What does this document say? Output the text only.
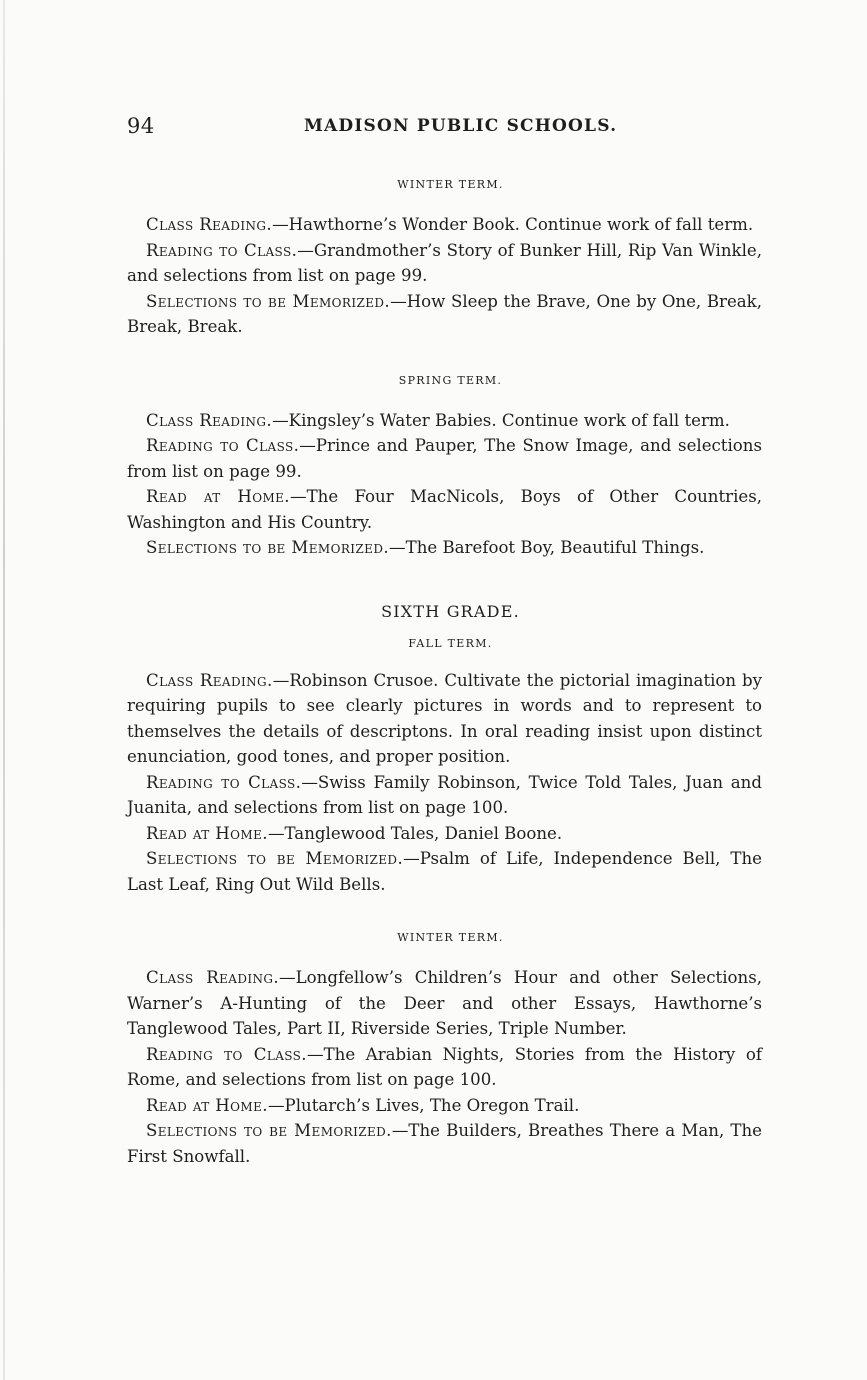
94	MADISON PUBLIC SCHOOLS.

WINTER TERM.

Class Reading.—Hawthorne’s Wonder Book. Continue work of fall term.

Reading to Class.—Grandmother’s Story of Bunker Hill, Rip Van Winkle, and selections from list on page 99.

Selections to be Memorized.—How Sleep the Brave, One by One, Break, Break, Break.

SPRING TERM.

Class Reading.—Kingsley’s Water Babies. Continue work of fall term.

Reading to Class.—Prince and Pauper, The Snow Image, and selections from list on page 99.

Read at Home.—The Four MacNicols, Boys of Other Countries, Washington and His Country.

Selections to be Memorized.—The Barefoot Boy, Beautiful Things.

SIXTH GRADE.

FALL TERM.

Class Reading.—Robinson Crusoe. Cultivate the pictorial imagination by requiring pupils to see clearly pictures in words and to represent to themselves the details of descriptons. In oral reading insist upon distinct enunciation, good tones, and proper position.

Reading to Class.—Swiss Family Robinson, Twice Told Tales, Juan and Juanita, and selections from list on page 100.

Read at Home.—Tanglewood Tales, Daniel Boone.

Selections to be Memorized.—Psalm of Life, Independence Bell, The Last Leaf, Ring Out Wild Bells.

WINTER TERM.

Class Reading.—Longfellow’s Children’s Hour and other Selections, Warner’s A-Hunting of the Deer and other Essays, Hawthorne’s Tanglewood Tales, Part II, Riverside Series, Triple Number.

Reading to Class.—The Arabian Nights, Stories from the History of Rome, and selections from list on page 100.

Read at Home.—Plutarch’s Lives, The Oregon Trail.

Selections to be Memorized.—The Builders, Breathes There a Man, The First Snowfall.
